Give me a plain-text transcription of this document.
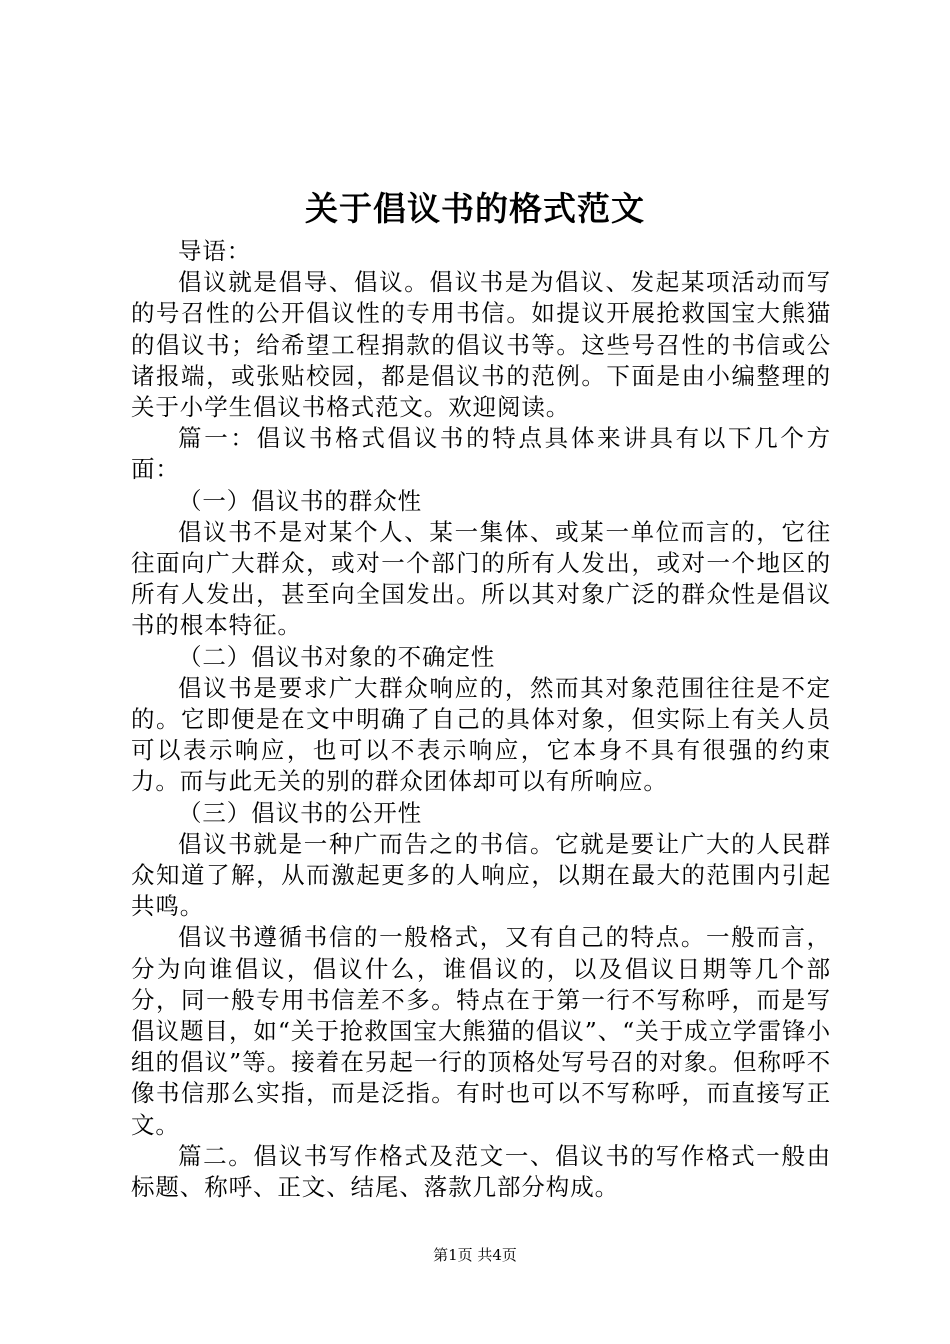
关于倡议书的格式范文

导语：

倡议就是倡导、倡议。倡议书是为倡议、发起某项活动而写的号召性的公开倡议性的专用书信。如提议开展抢救国宝大熊猫的倡议书；给希望工程捐款的倡议书等。这些号召性的书信或公诸报端，或张贴校园，都是倡议书的范例。下面是由小编整理的关于小学生倡议书格式范文。欢迎阅读。

篇一：倡议书格式倡议书的特点具体来讲具有以下几个方面：

（一）倡议书的群众性

倡议书不是对某个人、某一集体、或某一单位而言的，它往往面向广大群众，或对一个部门的所有人发出，或对一个地区的所有人发出，甚至向全国发出。所以其对象广泛的群众性是倡议书的根本特征。

（二）倡议书对象的不确定性

倡议书是要求广大群众响应的，然而其对象范围往往是不定的。它即便是在文中明确了自己的具体对象，但实际上有关人员可以表示响应，也可以不表示响应，它本身不具有很强的约束力。而与此无关的别的群众团体却可以有所响应。

（三）倡议书的公开性

倡议书就是一种广而告之的书信。它就是要让广大的人民群众知道了解，从而激起更多的人响应，以期在最大的范围内引起共鸣。

倡议书遵循书信的一般格式，又有自己的特点。一般而言，分为向谁倡议，倡议什么，谁倡议的，以及倡议日期等几个部分，同一般专用书信差不多。特点在于第一行不写称呼，而是写倡议题目，如“关于抢救国宝大熊猫的倡议”、“关于成立学雷锋小组的倡议”等。接着在另起一行的顶格处写号召的对象。但称呼不像书信那么实指，而是泛指。有时也可以不写称呼，而直接写正文。

篇二。倡议书写作格式及范文一、倡议书的写作格式一般由标题、称呼、正文、结尾、落款几部分构成。

第1页 共4页
